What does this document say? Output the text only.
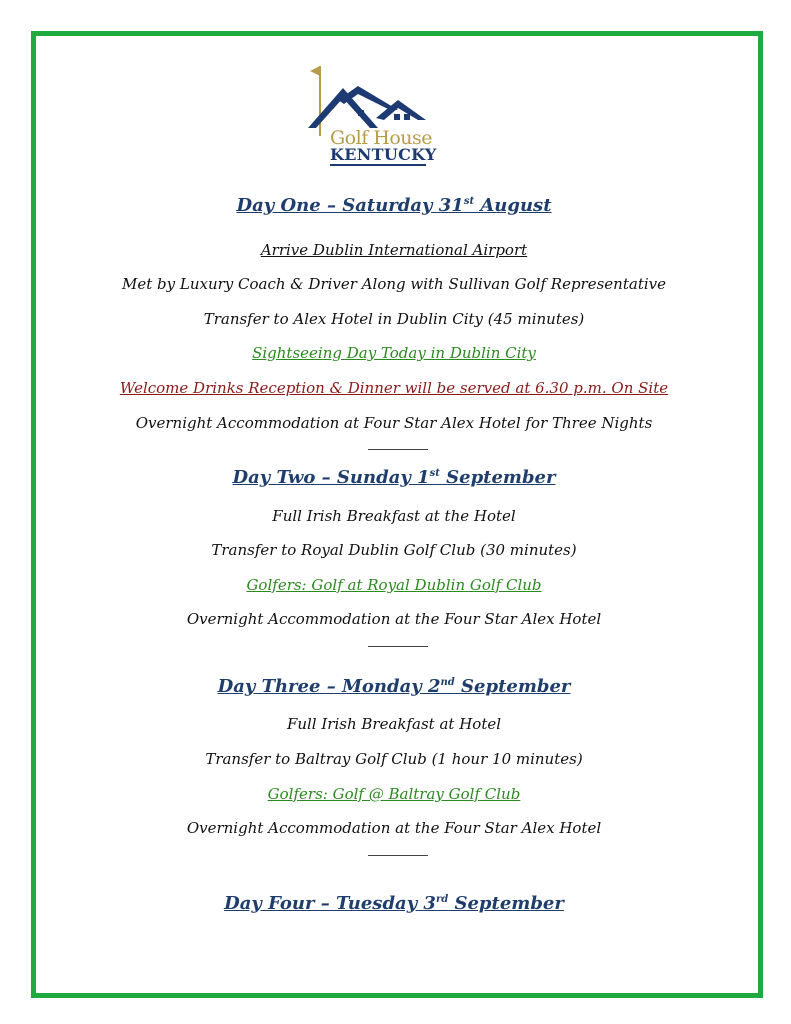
Golf House
KENTUCKY
Day One – Saturday 31st August
Arrive Dublin International Airport
Met by Luxury Coach & Driver Along with Sullivan Golf Representative
Transfer to Alex Hotel in Dublin City (45 minutes)
Sightseeing Day Today in Dublin City
Welcome Drinks Reception & Dinner will be served at 6.30 p.m. On Site
Overnight Accommodation at Four Star Alex Hotel for Three Nights
Day Two – Sunday 1st September
Full Irish Breakfast at the Hotel
Transfer to Royal Dublin Golf Club (30 minutes)
Golfers: Golf at Royal Dublin Golf Club
Overnight Accommodation at the Four Star Alex Hotel
Day Three – Monday 2nd September
Full Irish Breakfast at Hotel
Transfer to Baltray Golf Club (1 hour 10 minutes)
Golfers: Golf @ Baltray Golf Club
Overnight Accommodation at the Four Star Alex Hotel
Day Four – Tuesday 3rd September
